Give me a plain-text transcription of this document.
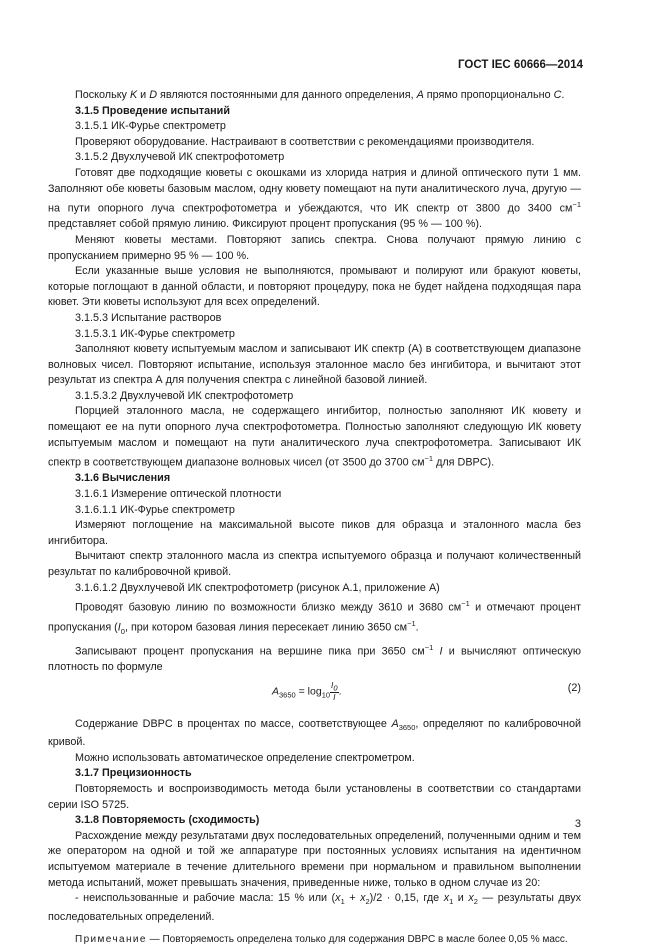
ГОСТ IEC 60666—2014

Поскольку K и D являются постоянными для данного определения, A прямо пропорционально C.

3.1.5 Проведение испытаний

3.1.5.1 ИК-Фурье спектрометр

Проверяют оборудование. Настраивают в соответствии с рекомендациями производителя.

3.1.5.2 Двухлучевой ИК спектрофотометр

Готовят две подходящие кюветы с окошками из хлорида натрия и длиной оптического пути 1 мм. Заполняют обе кюветы базовым маслом, одну кювету помещают на пути аналитического луча, другую — на пути опорного луча спектрофотометра и убеждаются, что ИК спектр от 3800 до 3400 $см^{-1}$ представляет собой прямую линию. Фиксируют процент пропускания (95 % — 100 %).

Меняют кюветы местами. Повторяют запись спектра. Снова получают прямую линию с пропусканием примерно 95 % — 100 %.

Если указанные выше условия не выполняются, промывают и полируют или бракуют кюветы, которые поглощают в данной области, и повторяют процедуру, пока не будет найдена подходящая пара кювет. Эти кюветы используют для всех определений.

3.1.5.3 Испытание растворов

3.1.5.3.1 ИК-Фурье спектрометр

Заполняют кювету испытуемым маслом и записывают ИК спектр (А) в соответствующем диапазоне волновых чисел. Повторяют испытание, используя эталонное масло без ингибитора, и вычитают этот результат из спектра А для получения спектра с линейной базовой линией.

3.1.5.3.2 Двухлучевой ИК спектрофотометр

Порцией эталонного масла, не содержащего ингибитор, полностью заполняют ИК кювету и помещают ее на пути опорного луча спектрофотометра. Полностью заполняют следующую ИК кювету испытуемым маслом и помещают на пути аналитического луча спектрофотометра. Записывают ИК спектр в соответствующем диапазоне волновых чисел (от 3500 до 3700 $см^{-1}$ для DBPC).

3.1.6 Вычисления

3.1.6.1 Измерение оптической плотности

3.1.6.1.1 ИК-Фурье спектрометр

Измеряют поглощение на максимальной высоте пиков для образца и эталонного масла без ингибитора.

Вычитают спектр эталонного масла из спектра испытуемого образца и получают количественный результат по калибровочной кривой.

3.1.6.1.2 Двухлучевой ИК спектрофотометр (рисунок А.1, приложение А)

Проводят базовую линию по возможности близко между 3610 и 3680 $см^{-1}$ и отмечают процент пропускания ($I_0$, при котором базовая линия пересекает линию 3650 $см^{-1}$.

Записывают процент пропускания на вершине пика при 3650 $см^{-1}$ I и вычисляют оптическую плотность по формуле

$A_{3650} = \log_{10} \frac{I_0}{I}$ .	(2)

Содержание DBPC в процентах по массе, соответствующее $A_{3650}$, определяют по калибровочной кривой.

Можно использовать автоматическое определение спектрометром.

3.1.7 Прецизионность

Повторяемость и воспроизводимость метода были установлены в соответствии со стандартами серии ISO 5725.

3.1.8 Повторяемость (сходимость)

Расхождение между результатами двух последовательных определений, полученными одним и тем же оператором на одной и той же аппаратуре при постоянных условиях испытания на идентичном испытуемом материале в течение длительного времени при нормальном и правильном выполнении метода испытаний, может превышать значения, приведенные ниже, только в одном случае из 20:

- неиспользованные и рабочие масла: 15 % или $(x_1 + x_2)/2 \cdot 0,15$, где $x_1$ и $x_2$ — результаты двух последовательных определений.

Примечание — Повторяемость определена только для содержания DBPC в масле более 0,05 % масс.

3
